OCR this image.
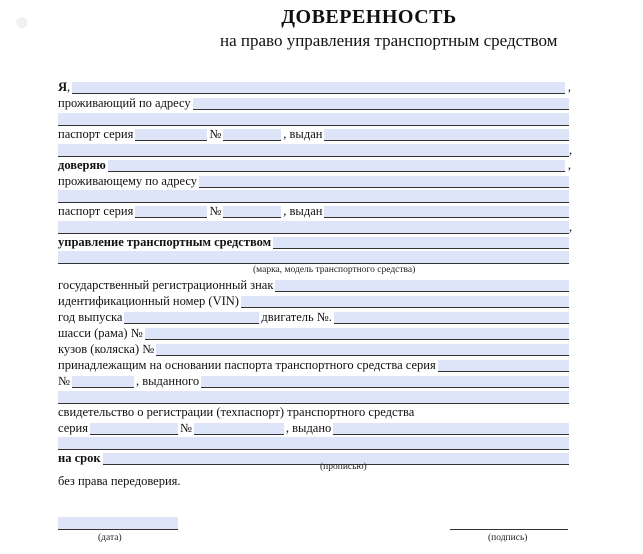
●	ДОВЕРЕННОСТЬ
на право управления транспортным средством
Я ,	,
проживающий по адресу
паспорт серия	№	, выдан
,
доверяю	,
проживающему по адресу
паспорт серия	№	, выдан
,
управление транспортным средством
(марка, модель транспортного средства)
государственный регистрационный знак
идентификационный номер (VIN)
год выпуска	двигатель №.
шасси (рама) №
кузов (коляска) №
принадлежащим на основании паспорта транспортного средства серия
№	, выданного
свидетельство о регистрации (техпаспорт) транспортного средства
серия	№	, выдано
на срок
(прописью)
без права передоверия.
(дата)	(подпись)
